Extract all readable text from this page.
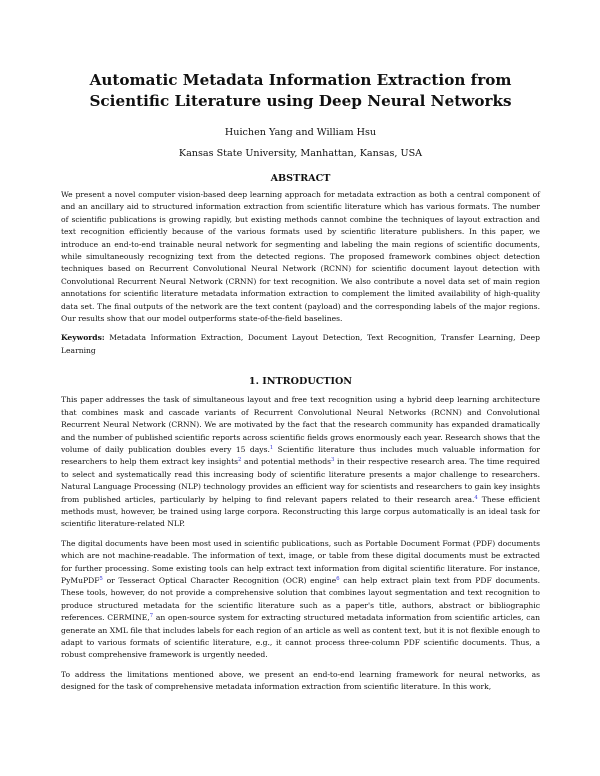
Automatic Metadata Information Extraction from Scientific Literature using Deep Neural Networks
Huichen Yang and William Hsu
Kansas State University, Manhattan, Kansas, USA
ABSTRACT

We present a novel computer vision-based deep learning approach for metadata extraction as both a central component of and an ancillary aid to structured information extraction from scientific literature which has various formats. The number of scientific publications is growing rapidly, but existing methods cannot combine the techniques of layout extraction and text recognition efficiently because of the various formats used by scientific literature publishers. In this paper, we introduce an end-to-end trainable neural network for segmenting and labeling the main regions of scientific documents, while simultaneously recognizing text from the detected regions. The proposed framework combines object detection techniques based on Recurrent Convolutional Neural Network (RCNN) for scientific document layout detection with Convolutional Recurrent Neural Network (CRNN) for text recognition. We also contribute a novel data set of main region annotations for scientific literature metadata information extraction to complement the limited availability of high-quality data set. The final outputs of the network are the text content (payload) and the corresponding labels of the major regions. Our results show that our model outperforms state-of-the-field baselines.

Keywords: Metadata Information Extraction, Document Layout Detection, Text Recognition, Transfer Learning, Deep Learning

1. INTRODUCTION

This paper addresses the task of simultaneous layout and free text recognition using a hybrid deep learning architecture that combines mask and cascade variants of Recurrent Convolutional Neural Networks (RCNN) and Convolutional Recurrent Neural Network (CRNN). We are motivated by the fact that the research community has expanded dramatically and the number of published scientific reports across scientific fields grows enormously each year. Research shows that the volume of daily publication doubles every 15 days.$^1$ Scientific literature thus includes much valuable information for researchers to help them extract key insights$^2$ and potential methods$^3$ in their respective research area. The time required to select and systematically read this increasing body of scientific literature presents a major challenge to researchers. Natural Language Processing (NLP) technology provides an efficient way for scientists and researchers to gain key insights from published articles, particularly by helping to find relevant papers related to their research area.$^4$ These efficient methods must, however, be trained using large corpora. Reconstructing this large corpus automatically is an ideal task for scientific literature-related NLP.

The digital documents have been most used in scientific publications, such as Portable Document Format (PDF) documents which are not machine-readable. The information of text, image, or table from these digital documents must be extracted for further processing. Some existing tools can help extract text information from digital scientific literature. For instance, PyMuPDF$^5$ or Tesseract Optical Character Recognition (OCR) engine$^6$ can help extract plain text from PDF documents. These tools, however, do not provide a comprehensive solution that combines layout segmentation and text recognition to produce structured metadata for the scientific literature such as a paper's title, authors, abstract or bibliographic references. CERMINE,$^7$ an open-source system for extracting structured metadata information from scientific articles, can generate an XML file that includes labels for each region of an article as well as content text, but it is not flexible enough to adapt to various formats of scientific literature, e.g., it cannot process three-column PDF scientific documents. Thus, a robust comprehensive framework is urgently needed.

To address the limitations mentioned above, we present an end-to-end learning framework for neural networks, as designed for the task of comprehensive metadata information extraction from scientific literature. In this work,
